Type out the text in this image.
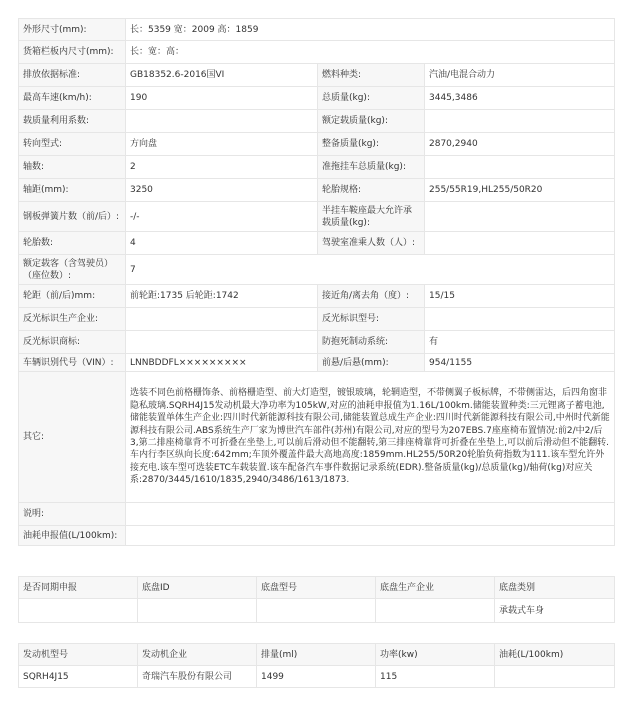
外形尺寸(mm):	长：5359 宽：2009 高：1859		
货箱栏板内尺寸(mm):	长：宽：高：		
排放依据标准:	GB18352.6-2016国VI	燃料种类:	汽油/电混合动力
最高车速(km/h):	190	总质量(kg):	3445,3486
载质量利用系数:		额定载质量(kg):	
转向型式:	方向盘	整备质量(kg):	2870,2940
轴数:	2	准拖挂车总质量(kg):	
轴距(mm):	3250	轮胎规格:	255/55R19,HL255/50R20
钢板弹簧片数（前/后）:	-/-	半挂车鞍座最大允许承载质量(kg):	
轮胎数:	4	驾驶室准乘人数（人）:	
额定载客（含驾驶员）（座位数）:	7		
轮距（前/后)mm:	前轮距:1735 后轮距:1742	接近角/离去角（度）:	15/15
反光标识生产企业:		反光标识型号:	
反光标识商标:		防抱死制动系统:	有
车辆识别代号（VIN）:	LNNBDDFL×××××××××	前悬/后悬(mm):	954/1155
其它:	选装不同色前格栅饰条、前格栅造型、前大灯造型，镀银玻璃，轮辋造型，不带侧翼子板标牌，不带侧雷达，后四角窗非隐私玻璃.SQRH4J15发动机最大净功率为105kW,对应的油耗申报值为1.16L/100km.储能装置种类:三元锂离子蓄电池,储能装置单体生产企业:四川时代新能源科技有限公司,储能装置总成生产企业:四川时代新能源科技有限公司,中州时代新能源科技有限公司.ABS系统生产厂家为博世汽车部件(苏州)有限公司,对应的型号为207EBS.7座座椅布置情况:前2/中2/后3,第二排座椅靠背不可折叠在坐垫上,可以前后滑动但不能翻转,第三排座椅靠背可折叠在坐垫上,可以前后滑动但不能翻转.车内行李区纵向长度:642mm;车顶外覆盖件最大高地高度:1859mm.HL255/50R20轮胎负荷指数为111.该车型允许外接充电.该车型可选装ETC车载装置.该车配备汽车事件数据记录系统(EDR).整备质量(kg)/总质量(kg)/轴荷(kg)对应关系:2870/3445/1610/1835,2940/3486/1613/1873.		
说明:			
油耗申报值(L/100km):			
是否同期申报	底盘ID	底盘型号	底盘生产企业	底盘类别
				承载式车身
发动机型号	发动机企业	排量(ml)	功率(kw)	油耗(L/100km)
SQRH4J15	奇瑞汽车股份有限公司	1499	115	
